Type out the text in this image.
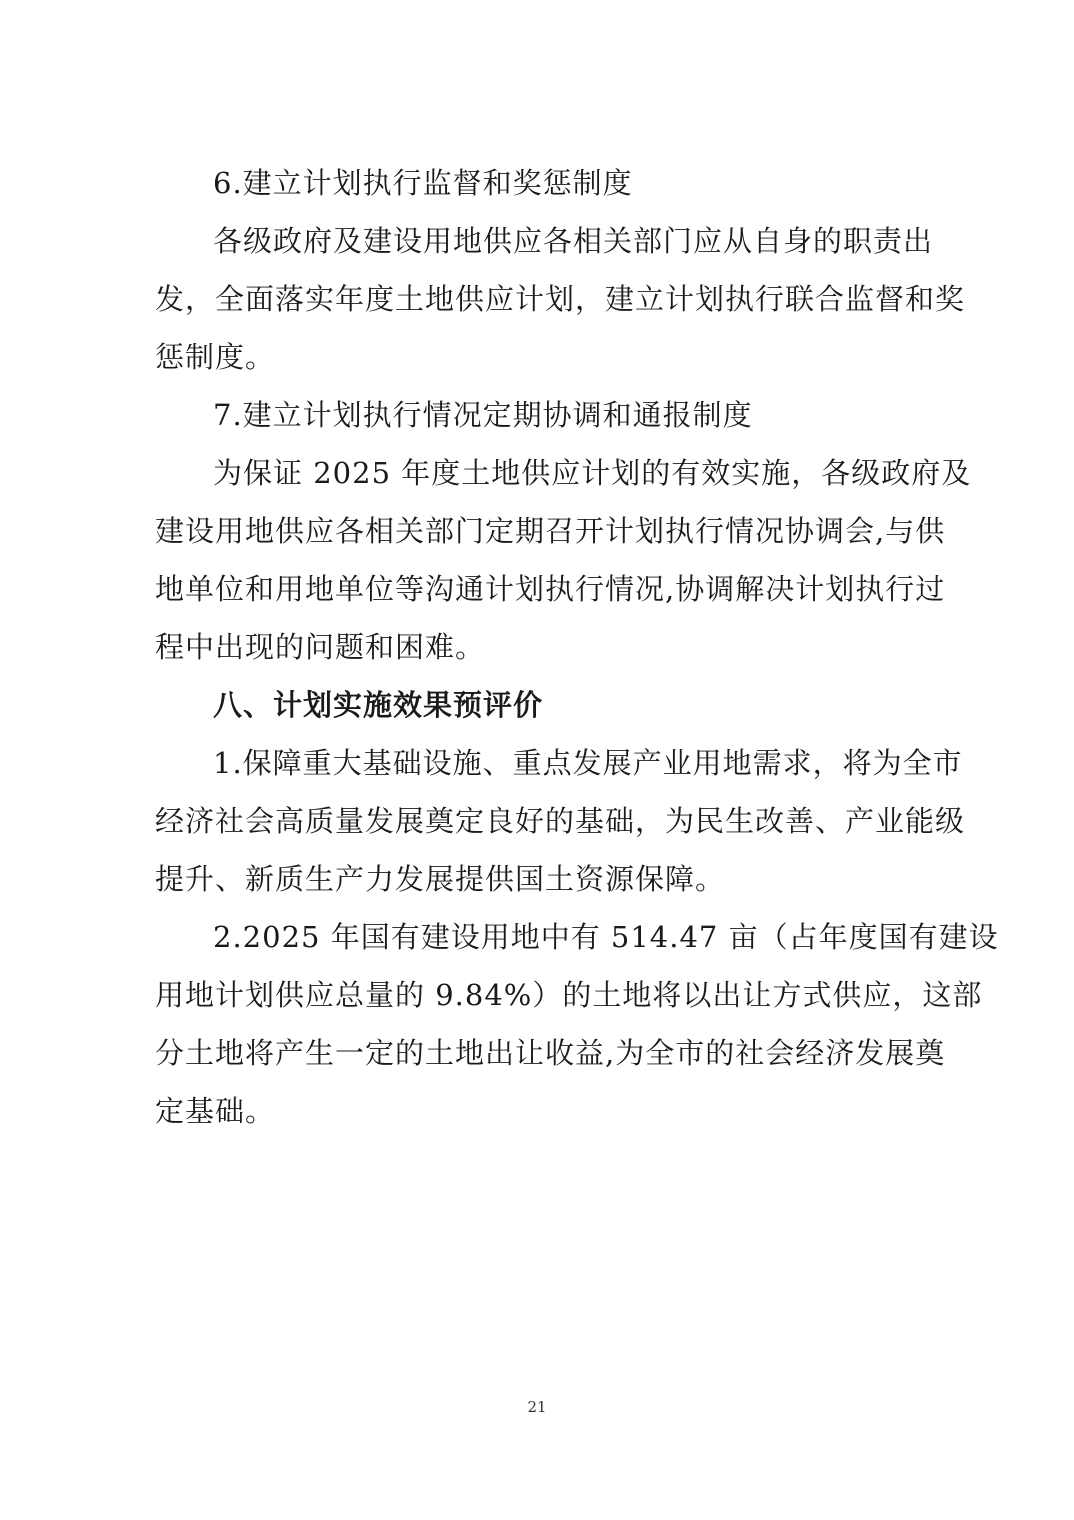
6.建立计划执行监督和奖惩制度
各级政府及建设用地供应各相关部门应从自身的职责出
发，全面落实年度土地供应计划，建立计划执行联合监督和奖
惩制度。
7.建立计划执行情况定期协调和通报制度
为保证 2025 年度土地供应计划的有效实施，各级政府及
建设用地供应各相关部门定期召开计划执行情况协调会,与供
地单位和用地单位等沟通计划执行情况,协调解决计划执行过
程中出现的问题和困难。
八、计划实施效果预评价
1.保障重大基础设施、重点发展产业用地需求，将为全市
经济社会高质量发展奠定良好的基础，为民生改善、产业能级
提升、新质生产力发展提供国土资源保障。
2.2025 年国有建设用地中有 514.47 亩（占年度国有建设
用地计划供应总量的 9.84%）的土地将以出让方式供应，这部
分土地将产生一定的土地出让收益,为全市的社会经济发展奠
定基础。
21
